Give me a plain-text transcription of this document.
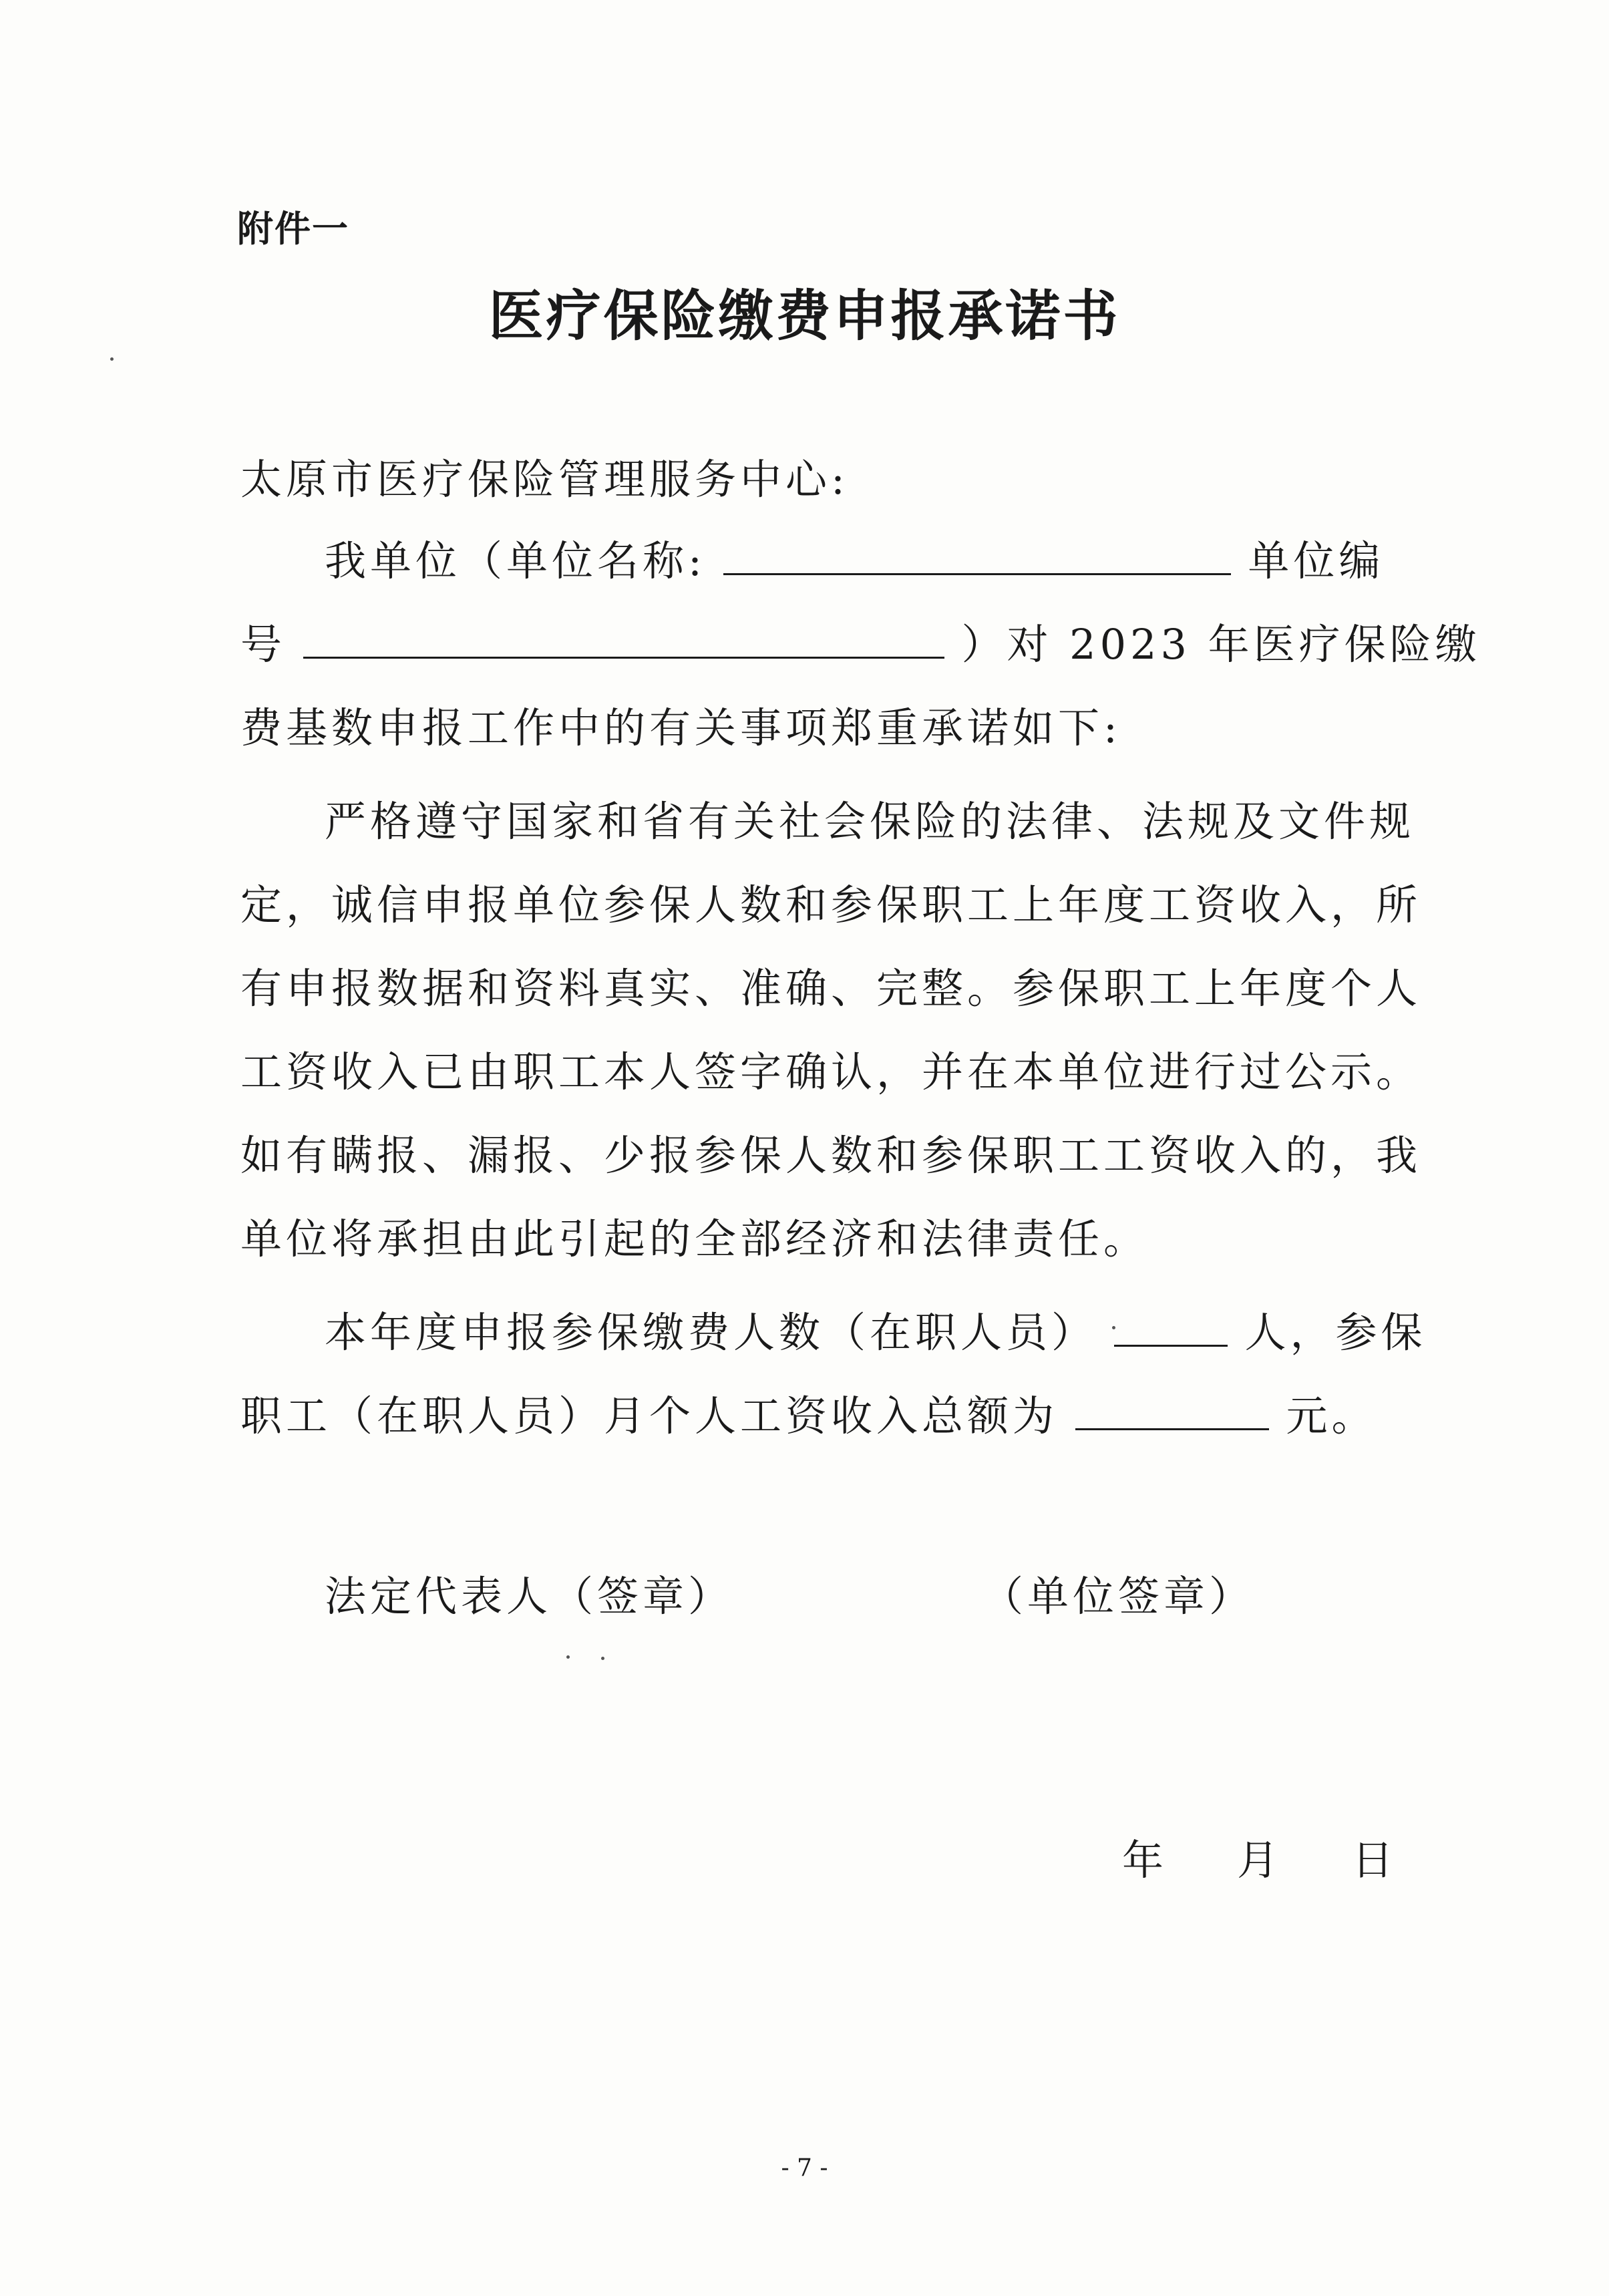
附件一
医疗保险缴费申报承诺书
太原市医疗保险管理服务中心:
我单位（单位名称:	单位编
号	）对 2023 年医疗保险缴
费基数申报工作中的有关事项郑重承诺如下:
严格遵守国家和省有关社会保险的法律、法规及文件规
定，诚信申报单位参保人数和参保职工上年度工资收入，所
有申报数据和资料真实、准确、完整。参保职工上年度个人
工资收入已由职工本人签字确认，并在本单位进行过公示。
如有瞒报、漏报、少报参保人数和参保职工工资收入的，我
单位将承担由此引起的全部经济和法律责任。
本年度申报参保缴费人数（在职人员）	人，参保
职工（在职人员）月个人工资收入总额为	元。
法定代表人（签章）	（单位签章）
年 月 日
- 7 -
